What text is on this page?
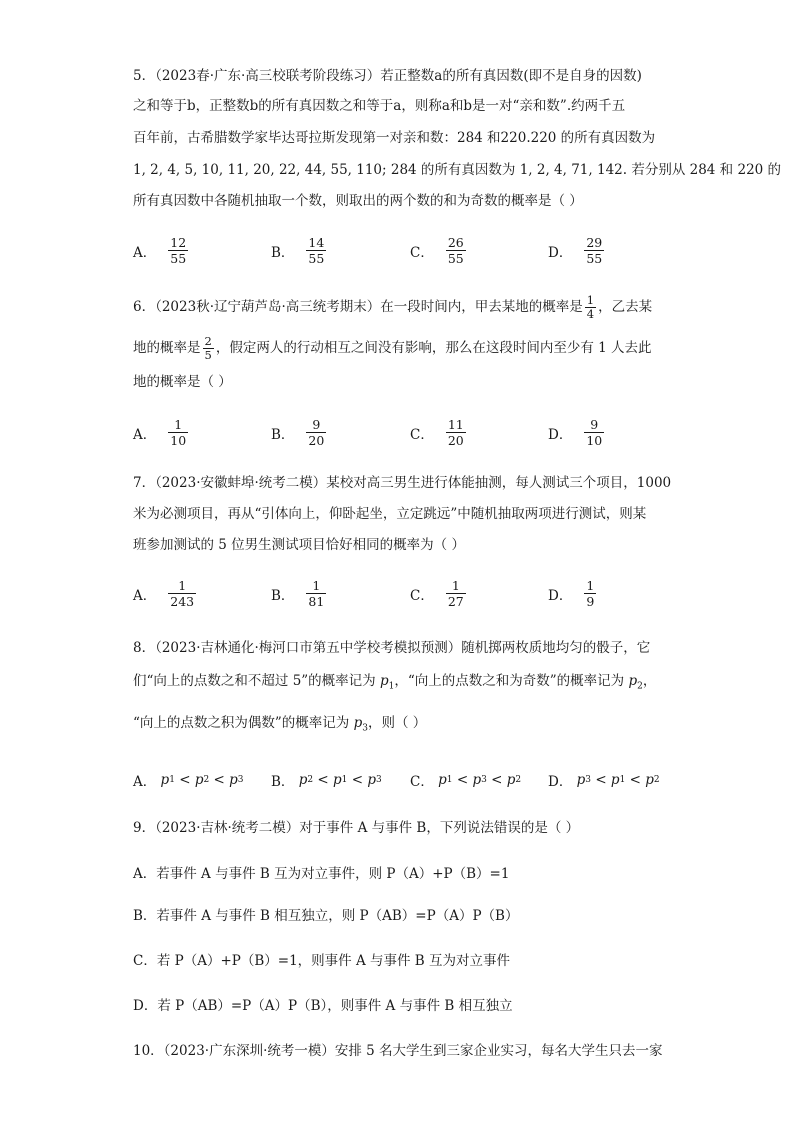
5．（2023春·广东·高三校联考阶段练习）若正整数a的所有真因数(即不是自身的因数)
之和等于b，正整数b的所有真因数之和等于a，则称a和b是一对“亲和数”.约两千五
百年前，古希腊数学家毕达哥拉斯发现第一对亲和数：284 和220.220 的所有真因数为
1, 2, 4, 5, 10, 11, 20, 22, 44, 55, 110; 284 的所有真因数为 1, 2, 4, 71, 142. 若分别从 284 和 220 的
所有真因数中各随机抽取一个数，则取出的两个数的和为奇数的概率是（ ）
A． $\frac{12}{55}$	B． $\frac{14}{55}$	C． $\frac{26}{55}$	D． $\frac{29}{55}$
6．（2023秋·辽宁葫芦岛·高三统考期末）在一段时间内，甲去某地的概率是 $\frac{1}{4}$ ，乙去某
地的概率是 $\frac{2}{5}$ ，假定两人的行动相互之间没有影响，那么在这段时间内至少有 1 人去此
地的概率是（ ）
A． $\frac{1}{10}$	B． $\frac{9}{20}$	C． $\frac{11}{20}$	D． $\frac{9}{10}$
7．（2023·安徽蚌埠·统考二模）某校对高三男生进行体能抽测，每人测试三个项目，1000
米为必测项目，再从“引体向上，仰卧起坐，立定跳远”中随机抽取两项进行测试，则某
班参加测试的 5 位男生测试项目恰好相同的概率为（ ）
A． $\frac{1}{243}$	B． $\frac{1}{81}$	C． $\frac{1}{27}$	D． $\frac{1}{9}$
8．（2023·吉林通化·梅河口市第五中学校考模拟预测）随机掷两枚质地均匀的骰子，它
们“向上的点数之和不超过 5”的概率记为 $p_1$，“向上的点数之和为奇数”的概率记为 $p_2$，
“向上的点数之积为偶数”的概率记为 $p_3$，则（ ）
A．
p 1
<
p 2
<
p 3 B．
p 2
<
p 1
<
p 3 C．
p 1
<
p 3
<
p 2 D．
p 3
<
p 1
<
p 2
9．（2023·吉林·统考二模）对于事件 A 与事件 B，下列说法错误的是（ ）
A．若事件 A 与事件 B 互为对立事件，则 P（A）+P（B）=1
B．若事件 A 与事件 B 相互独立，则 P（AB）=P（A）P（B）
C．若 P（A）+P（B）=1，则事件 A 与事件 B 互为对立事件
D．若 P（AB）=P（A）P（B），则事件 A 与事件 B 相互独立
10．（2023·广东深圳·统考一模）安排 5 名大学生到三家企业实习，每名大学生只去一家
